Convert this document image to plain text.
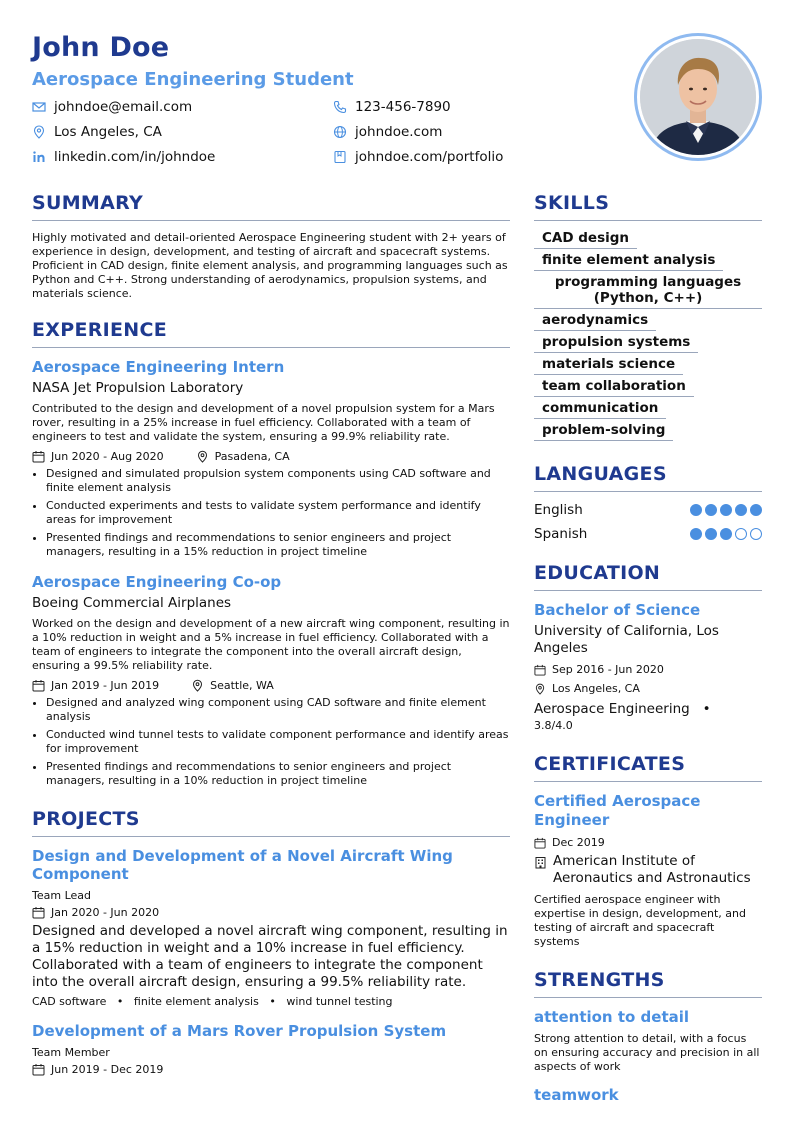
John Doe
Aerospace Engineering Student
johndoe@email.com	123-456-7890
Los Angeles, CA	johndoe.com
linkedin.com/in/johndoe	johndoe.com/portfolio
SUMMARY
Highly motivated and detail-oriented Aerospace Engineering student with 2+ years of experience in design, development, and testing of aircraft and spacecraft systems. Proficient in CAD design, finite element analysis, and programming languages such as Python and C++. Strong understanding of aerodynamics, propulsion systems, and materials science.
EXPERIENCE
Aerospace Engineering Intern
NASA Jet Propulsion Laboratory
Contributed to the design and development of a novel propulsion system for a Mars rover, resulting in a 25% increase in fuel efficiency. Collaborated with a team of engineers to test and validate the system, ensuring a 99.9% reliability rate.
Jun 2020 - Aug 2020	Pasadena, CA
• Designed and simulated propulsion system components using CAD software and finite element analysis
• Conducted experiments and tests to validate system performance and identify areas for improvement
• Presented findings and recommendations to senior engineers and project managers, resulting in a 15% reduction in project timeline
Aerospace Engineering Co-op
Boeing Commercial Airplanes
Worked on the design and development of a new aircraft wing component, resulting in a 10% reduction in weight and a 5% increase in fuel efficiency. Collaborated with a team of engineers to integrate the component into the overall aircraft design, ensuring a 99.5% reliability rate.
Jan 2019 - Jun 2019	Seattle, WA
• Designed and analyzed wing component using CAD software and finite element analysis
• Conducted wind tunnel tests to validate component performance and identify areas for improvement
• Presented findings and recommendations to senior engineers and project managers, resulting in a 10% reduction in project timeline
PROJECTS
Design and Development of a Novel Aircraft Wing Component
Team Lead
Jan 2020 - Jun 2020
Designed and developed a novel aircraft wing component, resulting in a 15% reduction in weight and a 10% increase in fuel efficiency. Collaborated with a team of engineers to integrate the component into the overall aircraft design, ensuring a 99.5% reliability rate.
CAD software   •   finite element analysis   •   wind tunnel testing
Development of a Mars Rover Propulsion System
Team Member
Jun 2019 - Dec 2019
SKILLS
CAD design
finite element analysis
programming languages (Python, C++)
aerodynamics
propulsion systems
materials science
team collaboration
communication
problem-solving
LANGUAGES
English
Spanish
EDUCATION
Bachelor of Science
University of California, Los Angeles
Sep 2016 - Jun 2020
Los Angeles, CA
Aerospace Engineering   •   3.8/4.0
CERTIFICATES
Certified Aerospace Engineer
Dec 2019
American Institute of Aeronautics and Astronautics
Certified aerospace engineer with expertise in design, development, and testing of aircraft and spacecraft systems
STRENGTHS
attention to detail
Strong attention to detail, with a focus on ensuring accuracy and precision in all aspects of work
teamwork
